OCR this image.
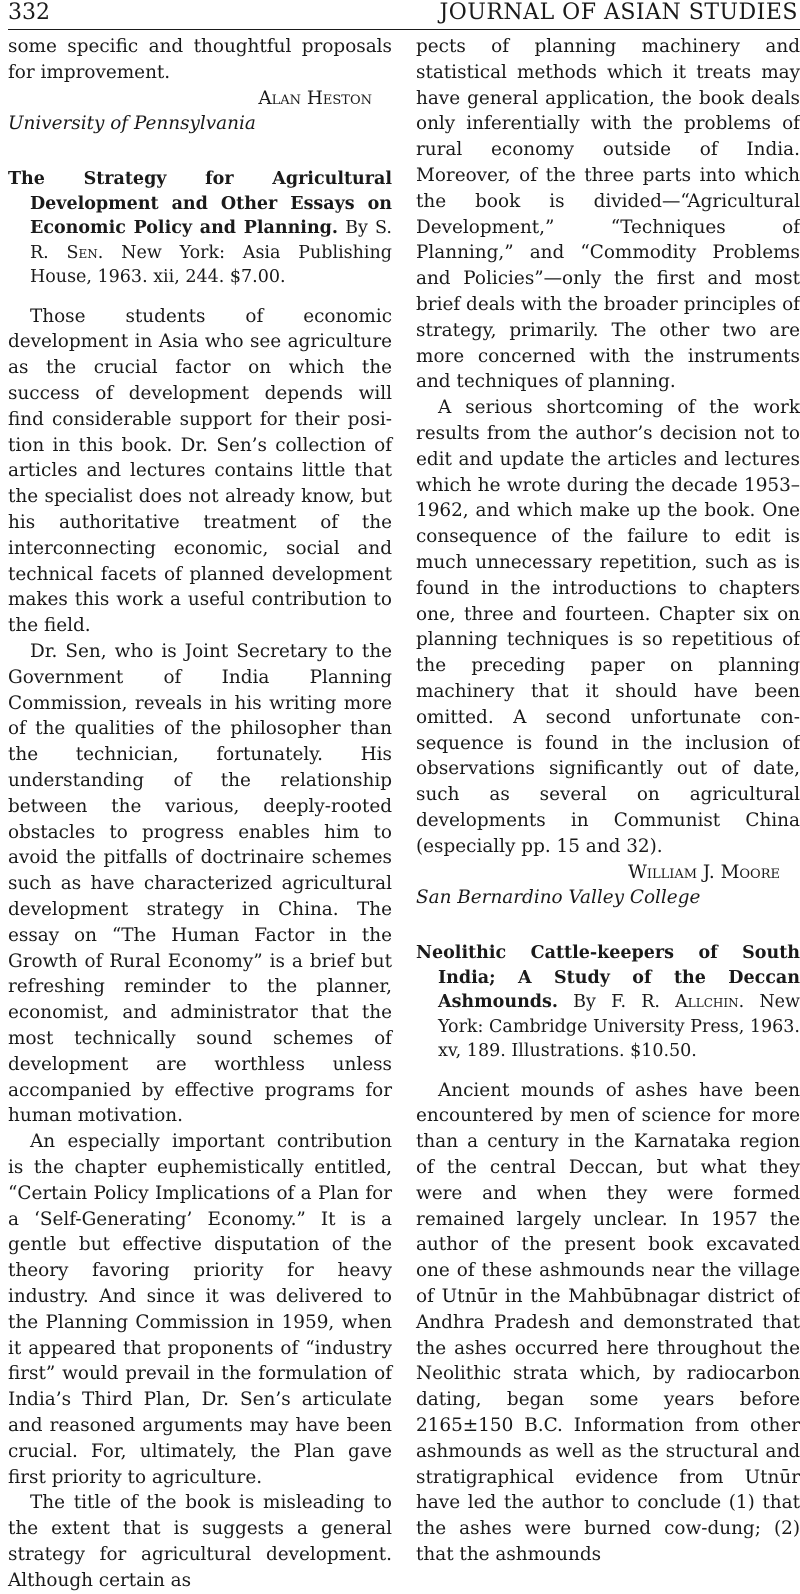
332	JOURNAL OF ASIAN STUDIES

some specific and thoughtful proposals for improvement.

Alan Heston

University of Pennsylvania

The Strategy for Agricultural Development and Other Essays on Economic Policy and Planning. By S. R. Sen. New York: Asia Publishing House, 1963. xii, 244. $7.00.

Those students of economic development in Asia who see agriculture as the crucial factor on which the success of development depends will find considerable support for their position in this book. Dr. Sen’s collection of articles and lectures contains little that the specialist does not already know, but his authoritative treatment of the interconnecting economic, social and technical facets of planned development makes this work a useful contribution to the field.

Dr. Sen, who is Joint Secretary to the Government of India Planning Commission, reveals in his writing more of the qualities of the philosopher than the technician, fortunately. His understanding of the relationship between the various, deeply-rooted obstacles to progress enables him to avoid the pitfalls of doctrinaire schemes such as have characterized agricultural development strategy in China. The essay on “The Human Factor in the Growth of Rural Economy” is a brief but refreshing reminder to the planner, economist, and administrator that the most technically sound schemes of development are worthless unless accompanied by effective programs for human motivation.

An especially important contribution is the chapter euphemistically entitled, “Certain Policy Implications of a Plan for a ‘Self-Generating’ Economy.” It is a gentle but effective disputation of the theory favoring priority for heavy industry. And since it was delivered to the Planning Commission in 1959, when it appeared that proponents of “industry first” would prevail in the formulation of India’s Third Plan, Dr. Sen’s articulate and reasoned arguments may have been crucial. For, ultimately, the Plan gave first priority to agriculture.

The title of the book is misleading to the extent that is suggests a general strategy for agricultural development. Although certain as

pects of planning machinery and statistical methods which it treats may have general application, the book deals only inferentially with the problems of rural economy outside of India. Moreover, of the three parts into which the book is divided—“Agricultural Development,” “Techniques of Planning,” and “Commodity Problems and Policies”—only the first and most brief deals with the broader principles of strategy, primarily. The other two are more concerned with the instruments and techniques of planning.

A serious shortcoming of the work results from the author’s decision not to edit and update the articles and lectures which he wrote during the decade 1953–1962, and which make up the book. One consequence of the failure to edit is much unnecessary repetition, such as is found in the introductions to chapters one, three and fourteen. Chapter six on planning techniques is so repetitious of the preceding paper on planning machinery that it should have been omitted. A second unfortunate consequence is found in the inclusion of observations significantly out of date, such as several on agricultural developments in Communist China (especially pp. 15 and 32).

William J. Moore

San Bernardino Valley College

Neolithic Cattle-keepers of South India; A Study of the Deccan Ashmounds. By F. R. Allchin. New York: Cambridge University Press, 1963. xv, 189. Illustrations. $10.50.

Ancient mounds of ashes have been encountered by men of science for more than a century in the Karnataka region of the central Deccan, but what they were and when they were formed remained largely unclear. In 1957 the author of the present book excavated one of these ashmounds near the village of Utnūr in the Mahbūbnagar district of Andhra Pradesh and demonstrated that the ashes occurred here throughout the Neolithic strata which, by radiocarbon dating, began some years before 2165±150 B.C. Information from other ashmounds as well as the structural and stratigraphical evidence from Utnūr have led the author to conclude (1) that the ashes were burned cow-dung; (2) that the ashmounds
